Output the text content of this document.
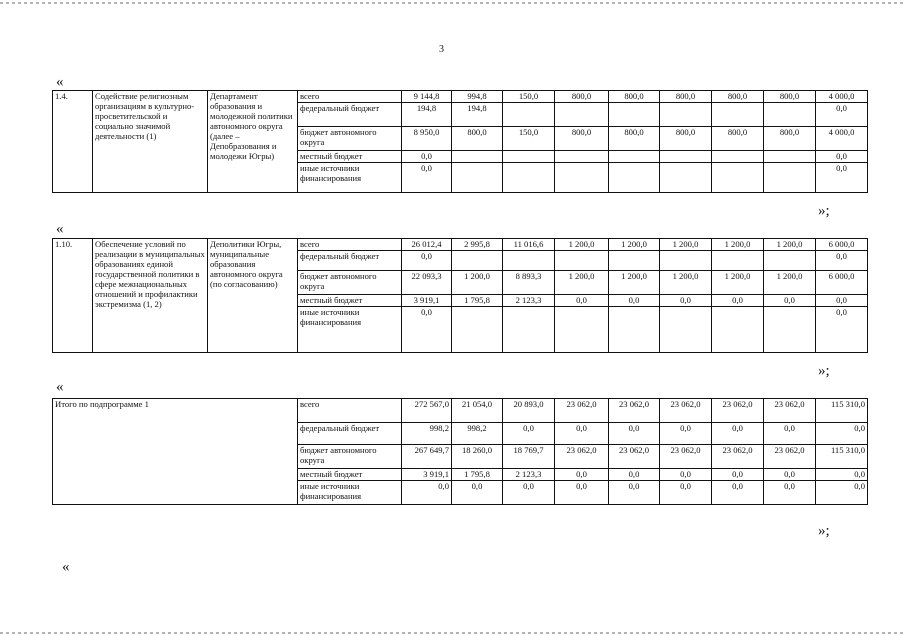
3
«
»;
«
»;
«
»;
«
1.4.	Содействие религиозным организациям в культурно-просветительской и социально значимой деятельности (1)	Департамент образования и молодежной политики автономного округа (далее – Депобразования и молодежи Югры)	всего	9 144,8	994,8	150,0	800,0	800,0	800,0	800,0	800,0	4 000,0
			федеральный бюджет	194,8	194,8							0,0
			бюджет автономного округа	8 950,0	800,0	150,0	800,0	800,0	800,0	800,0	800,0	4 000,0
			местный бюджет	0,0								0,0
			иные источники финансирования	0,0								0,0
1.10.	Обеспечение условий по реализации в муниципальных образованиях единой государственной политики в сфере межнациональных отношений и профилактики экстремизма (1, 2)	Деполитики Югры, муниципальные образования автономного округа (по согласованию)	всего	26 012,4	2 995,8	11 016,6	1 200,0	1 200,0	1 200,0	1 200,0	1 200,0	6 000,0
			федеральный бюджет	0,0								0,0
			бюджет автономного округа	22 093,3	1 200,0	8 893,3	1 200,0	1 200,0	1 200,0	1 200,0	1 200,0	6 000,0
			местный бюджет	3 919,1	1 795,8	2 123,3	0,0	0,0	0,0	0,0	0,0	0,0
			иные источники финансирования	0,0								0,0
Итого по подпрограмме 1	всего	272 567,0	21 054,0	20 893,0	23 062,0	23 062,0	23 062,0	23 062,0	23 062,0	115 310,0
	федеральный бюджет	998,2	998,2	0,0	0,0	0,0	0,0	0,0	0,0	0,0
	бюджет автономного округа	267 649,7	18 260,0	18 769,7	23 062,0	23 062,0	23 062,0	23 062,0	23 062,0	115 310,0
	местный бюджет	3 919,1	1 795,8	2 123,3	0,0	0,0	0,0	0,0	0,0	0,0
	иные источники финансирования	0,0	0,0	0,0	0,0	0,0	0,0	0,0	0,0	0,0
